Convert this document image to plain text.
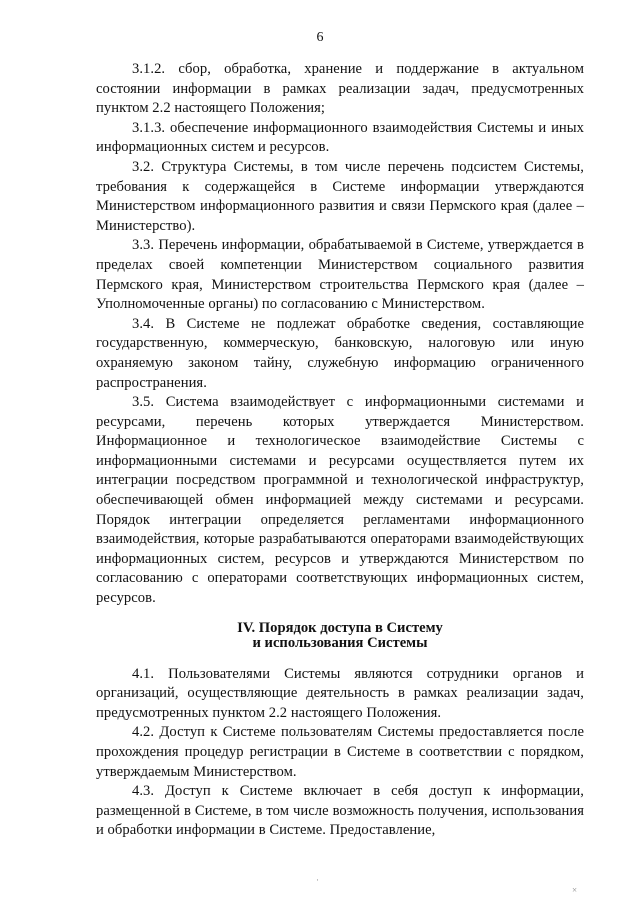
6

3.1.2. сбор, обработка, хранение и поддержание в актуальном состоянии информации в рамках реализации задач, предусмотренных пунктом 2.2 настоящего Положения;

3.1.3. обеспечение информационного взаимодействия Системы и иных информационных систем и ресурсов.

3.2. Структура Системы, в том числе перечень подсистем Системы, требования к содержащейся в Системе информации утверждаются Министерством информационного развития и связи Пермского края (далее – Министерство).

3.3. Перечень информации, обрабатываемой в Системе, утверждается в пределах своей компетенции Министерством социального развития Пермского края, Министерством строительства Пермского края (далее – Уполномоченные органы) по согласованию с Министерством.

3.4. В Системе не подлежат обработке сведения, составляющие государственную, коммерческую, банковскую, налоговую или иную охраняемую законом тайну, служебную информацию ограниченного распространения.

3.5. Система взаимодействует с информационными системами и ресурсами, перечень которых утверждается Министерством. Информационное и технологическое взаимодействие Системы с информационными системами и ресурсами осуществляется путем их интеграции посредством программной и технологической инфраструктур, обеспечивающей обмен информацией между системами и ресурсами. Порядок интеграции определяется регламентами информационного взаимодействия, которые разрабатываются операторами взаимодействующих информационных систем, ресурсов и утверждаются Министерством по согласованию с операторами соответствующих информационных систем, ресурсов.

IV. Порядок доступа в Систему
и использования Системы

4.1. Пользователями Системы являются сотрудники органов и организаций, осуществляющие деятельность в рамках реализации задач, предусмотренных пунктом 2.2 настоящего Положения.

4.2. Доступ к Системе пользователям Системы предоставляется после прохождения процедур регистрации в Системе в соответствии с порядком, утверждаемым Министерством.

4.3. Доступ к Системе включает в себя доступ к информации, размещенной в Системе, в том числе возможность получения, использования и обработки информации в Системе. Предоставление,

·
×
